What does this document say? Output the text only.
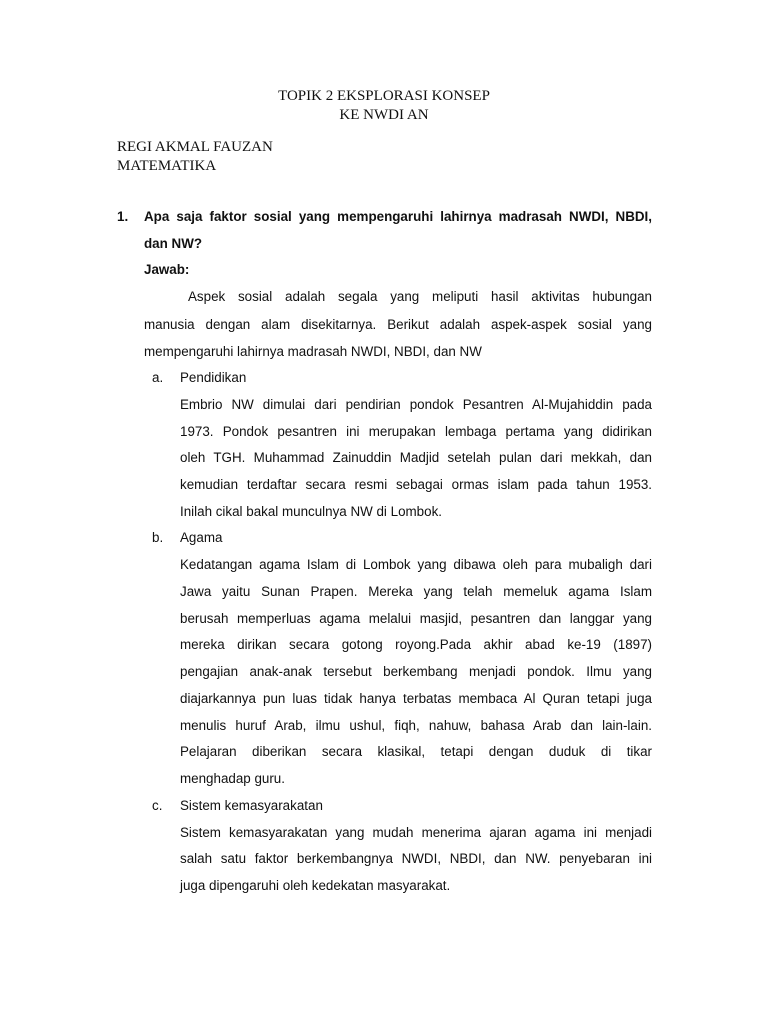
TOPIK 2 EKSPLORASI KONSEP
KE NWDI AN
REGI AKMAL FAUZAN
MATEMATIKA
1. Apa saja faktor sosial yang mempengaruhi lahirnya madrasah NWDI, NBDI,
dan NW?
Jawab:
Aspek sosial adalah segala yang meliputi hasil aktivitas hubungan
manusia dengan alam disekitarnya. Berikut adalah aspek-aspek sosial yang
mempengaruhi lahirnya madrasah NWDI, NBDI, dan NW
a. Pendidikan
Embrio NW dimulai dari pendirian pondok Pesantren Al-Mujahiddin pada
1973. Pondok pesantren ini merupakan lembaga pertama yang didirikan
oleh TGH. Muhammad Zainuddin Madjid setelah pulan dari mekkah, dan
kemudian terdaftar secara resmi sebagai ormas islam pada tahun 1953.
Inilah cikal bakal munculnya NW di Lombok.
b. Agama
Kedatangan agama Islam di Lombok yang dibawa oleh para mubaligh dari
Jawa yaitu Sunan Prapen. Mereka yang telah memeluk agama Islam
berusah memperluas agama melalui masjid, pesantren dan langgar yang
mereka dirikan secara gotong royong.Pada akhir abad ke-19 (1897)
pengajian anak-anak tersebut berkembang menjadi pondok. Ilmu yang
diajarkannya pun luas tidak hanya terbatas membaca Al Quran tetapi juga
menulis huruf Arab, ilmu ushul, fiqh, nahuw, bahasa Arab dan lain-lain.
Pelajaran diberikan secara klasikal, tetapi dengan duduk di tikar
menghadap guru.
c. Sistem kemasyarakatan
Sistem kemasyarakatan yang mudah menerima ajaran agama ini menjadi
salah satu faktor berkembangnya NWDI, NBDI, dan NW. penyebaran ini
juga dipengaruhi oleh kedekatan masyarakat.
